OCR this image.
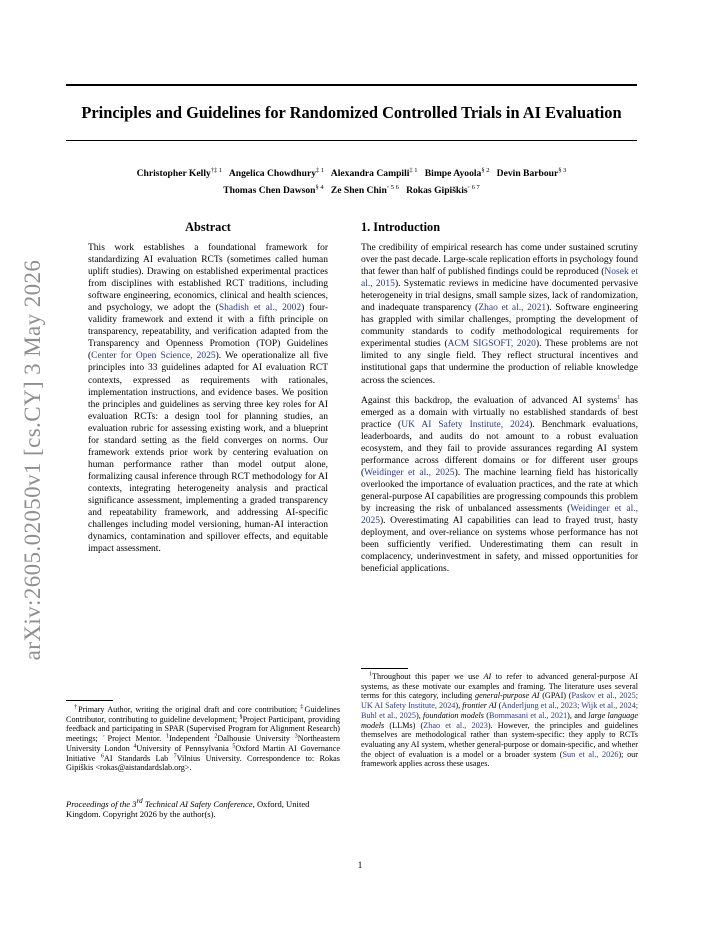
arXiv:2605.02050v1 [cs.CY] 3 May 2026
Principles and Guidelines for Randomized Controlled Trials in AI Evaluation
Christopher Kelly$^{\dagger\ddagger 1}$ Angelica Chowdhury$^{\ddagger 1}$ Alexandra Campili$^{\ddagger 1}$ Bimpe Ayoola$^{\S 2}$ Devin Barbour$^{\S 3}$
Thomas Chen Dawson$^{\S 4}$ Ze Shen Chin$^{◦ 5 6}$ Rokas Gipiškis$^{◦ 6 7}$
Abstract

This work establishes a foundational framework for standardizing AI evaluation RCTs (sometimes called human uplift studies). Drawing on established experimental practices from disciplines with established RCT traditions, including software engineering, economics, clinical and health sciences, and psychology, we adopt the (Shadish et al., 2002) four-validity framework and extend it with a fifth principle on transparency, repeatability, and verification adapted from the Transparency and Openness Promotion (TOP) Guidelines (Center for Open Science, 2025). We operationalize all five principles into 33 guidelines adapted for AI evaluation RCT contexts, expressed as requirements with rationales, implementation instructions, and evidence bases. We position the principles and guidelines as serving three key roles for AI evaluation RCTs: a design tool for planning studies, an evaluation rubric for assessing existing work, and a blueprint for standard setting as the field converges on norms. Our framework extends prior work by centering evaluation on human performance rather than model output alone, formalizing causal inference through RCT methodology for AI contexts, integrating heterogeneity analysis and practical significance assessment, implementing a graded transparency and repeatability framework, and addressing AI-specific challenges including model versioning, human-AI interaction dynamics, contamination and spillover effects, and equitable impact assessment.

1. Introduction

The credibility of empirical research has come under sustained scrutiny over the past decade. Large-scale replication efforts in psychology found that fewer than half of published findings could be reproduced (Nosek et al., 2015). Systematic reviews in medicine have documented pervasive heterogeneity in trial designs, small sample sizes, lack of randomization, and inadequate transparency (Zhao et al., 2021). Software engineering has grappled with similar challenges, prompting the development of community standards to codify methodological requirements for experimental studies (ACM SIGSOFT, 2020). These problems are not limited to any single field. They reflect structural incentives and institutional gaps that undermine the production of reliable knowledge across the sciences.

Against this backdrop, the evaluation of advanced AI systems$^1$ has emerged as a domain with virtually no established standards of best practice (UK AI Safety Institute, 2024). Benchmark evaluations, leaderboards, and audits do not amount to a robust evaluation ecosystem, and they fail to provide assurances regarding AI system performance across different domains or for different user groups (Weidinger et al., 2025). The machine learning field has historically overlooked the importance of evaluation practices, and the rate at which general-purpose AI capabilities are progressing compounds this problem by increasing the risk of unbalanced assessments (Weidinger et al., 2025). Overestimating AI capabilities can lead to frayed trust, hasty deployment, and over-reliance on systems whose performance has not been sufficiently verified. Underestimating them can result in complacency, underinvestment in safety, and missed opportunities for beneficial applications.

†Primary Author, writing the original draft and core contribution; ‡Guidelines Contributor, contributing to guideline development; §Project Participant, providing feedback and participating in SPAR (Supervised Program for Alignment Research) meetings; ◦Project Mentor. $^1$Independent $^2$Dalhousie University $^3$Northeastern University London $^4$University of Pennsylvania $^5$Oxford Martin AI Governance Initiative $^6$AI Standards Lab $^7$Vilnius University. Correspondence to: Rokas Gipiškis <rokas@aistandardslab.org>.
Proceedings of the 3rd Technical AI Safety Conference, Oxford, United Kingdom. Copyright 2026 by the author(s).
$^1$Throughout this paper we use AI to refer to advanced general-purpose AI systems, as these motivate our examples and framing. The literature uses several terms for this category, including general-purpose AI (GPAI) (Paskov et al., 2025; UK AI Safety Institute, 2024), frontier AI (Anderljung et al., 2023; Wijk et al., 2024; Buhl et al., 2025), foundation models (Bommasani et al., 2021), and large language models (LLMs) (Zhao et al., 2023). However, the principles and guidelines themselves are methodological rather than system-specific: they apply to RCTs evaluating any AI system, whether general-purpose or domain-specific, and whether the object of evaluation is a model or a broader system (Sun et al., 2026); our framework applies across these usages.
1
